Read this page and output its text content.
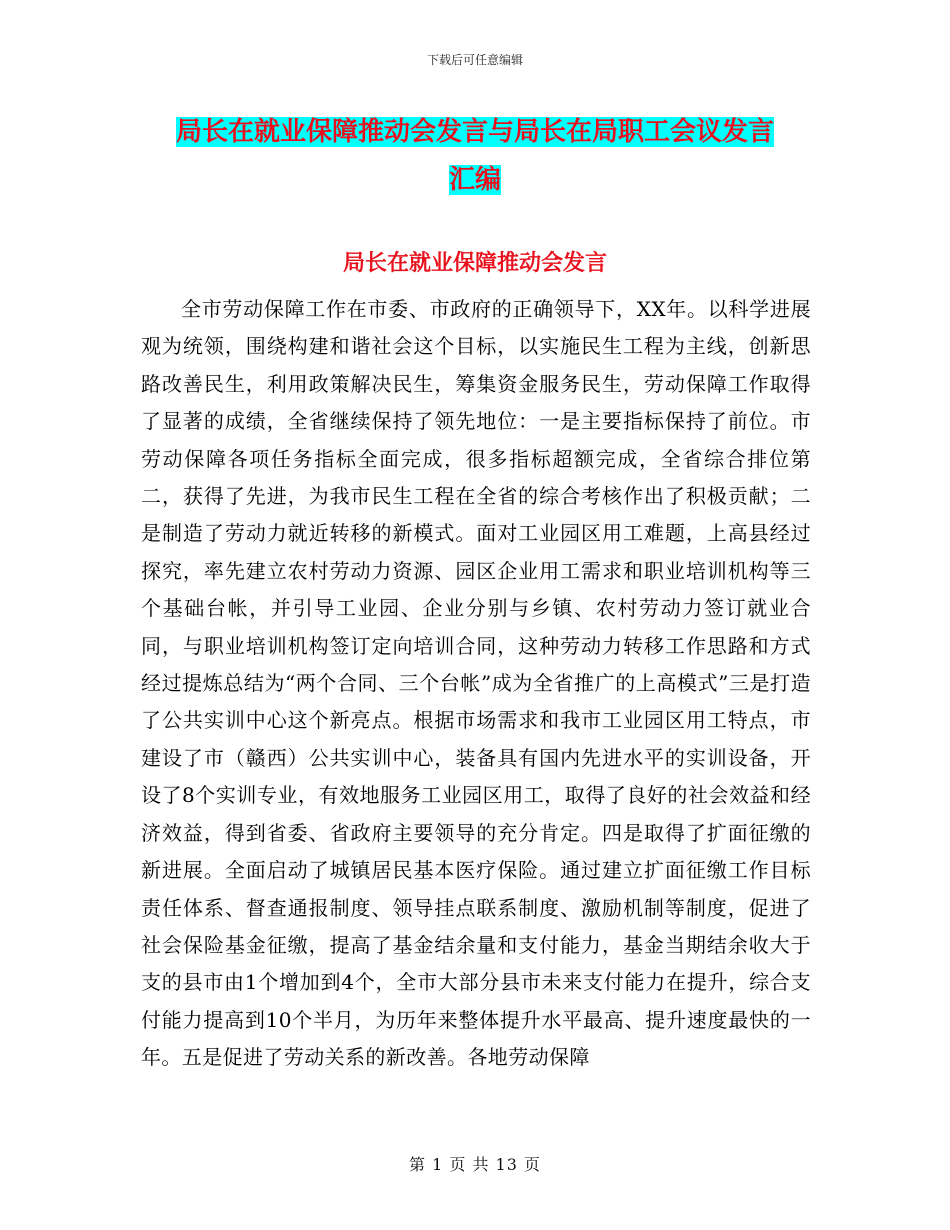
下载后可任意编辑
局长在就业保障推动会发言与局长在局职工会议发言
汇编
局长在就业保障推动会发言

全市劳动保障工作在市委、市政府的正确领导下，XX年。以科学进展观为统领，围绕构建和谐社会这个目标，以实施民生工程为主线，创新思路改善民生，利用政策解决民生，筹集资金服务民生，劳动保障工作取得了显著的成绩，全省继续保持了领先地位：一是主要指标保持了前位。市劳动保障各项任务指标全面完成，很多指标超额完成，全省综合排位第二，获得了先进，为我市民生工程在全省的综合考核作出了积极贡献；二是制造了劳动力就近转移的新模式。面对工业园区用工难题，上高县经过探究，率先建立农村劳动力资源、园区企业用工需求和职业培训机构等三个基础台帐，并引导工业园、企业分别与乡镇、农村劳动力签订就业合同，与职业培训机构签订定向培训合同，这种劳动力转移工作思路和方式经过提炼总结为“两个合同、三个台帐”成为全省推广的上高模式”三是打造了公共实训中心这个新亮点。根据市场需求和我市工业园区用工特点，市建设了市（赣西）公共实训中心，装备具有国内先进水平的实训设备，开设了8个实训专业，有效地服务工业园区用工，取得了良好的社会效益和经济效益，得到省委、省政府主要领导的充分肯定。四是取得了扩面征缴的新进展。全面启动了城镇居民基本医疗保险。通过建立扩面征缴工作目标责任体系、督查通报制度、领导挂点联系制度、激励机制等制度，促进了社会保险基金征缴，提高了基金结余量和支付能力，基金当期结余收大于支的县市由1个增加到4个，全市大部分县市未来支付能力在提升，综合支付能力提高到10个半月，为历年来整体提升水平最高、提升速度最快的一年。五是促进了劳动关系的新改善。各地劳动保障

第 1 页 共 13 页
